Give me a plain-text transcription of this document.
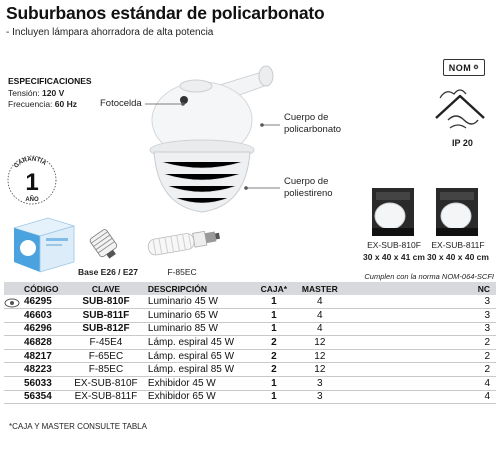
Suburbanos estándar de policarbonato
- Incluyen lámpara ahorradora de alta potencia
ESPECIFICACIONES
Tensión: 120 V
Frecuencia: 60 Hz
GARANTÍA
1
AÑO
Base E26 / E27	F-85EC
Fotocelda
Cuerpo de
policarbonato
Cuerpo de
poliestireno
NOM ⚙
IP 20
EX-SUB-810F
30 x 40 x 41 cm
EX-SUB-811F
30 x 40 x 40 cm
Cumplen con la norma NOM-064-SCFI
CÓDIGO	CLAVE	DESCRIPCIÓN	CAJA*	MASTER		NC
46295	SUB-810F	Luminario 45 W	1	4		3
46603	SUB-811F	Luminario 65 W	1	4		3
46296	SUB-812F	Luminario 85 W	1	4		3
46828	F-45E4	Lámp. espiral 45 W	2	12		2
48217	F-65EC	Lámp. espiral 65 W	2	12		2
48223	F-85EC	Lámp. espiral 85 W	2	12		2
56033	EX-SUB-810F	Exhibidor 45 W	1	3		4
56354	EX-SUB-811F	Exhibidor 65 W	1	3		4
*CAJA Y MASTER CONSULTE TABLA
